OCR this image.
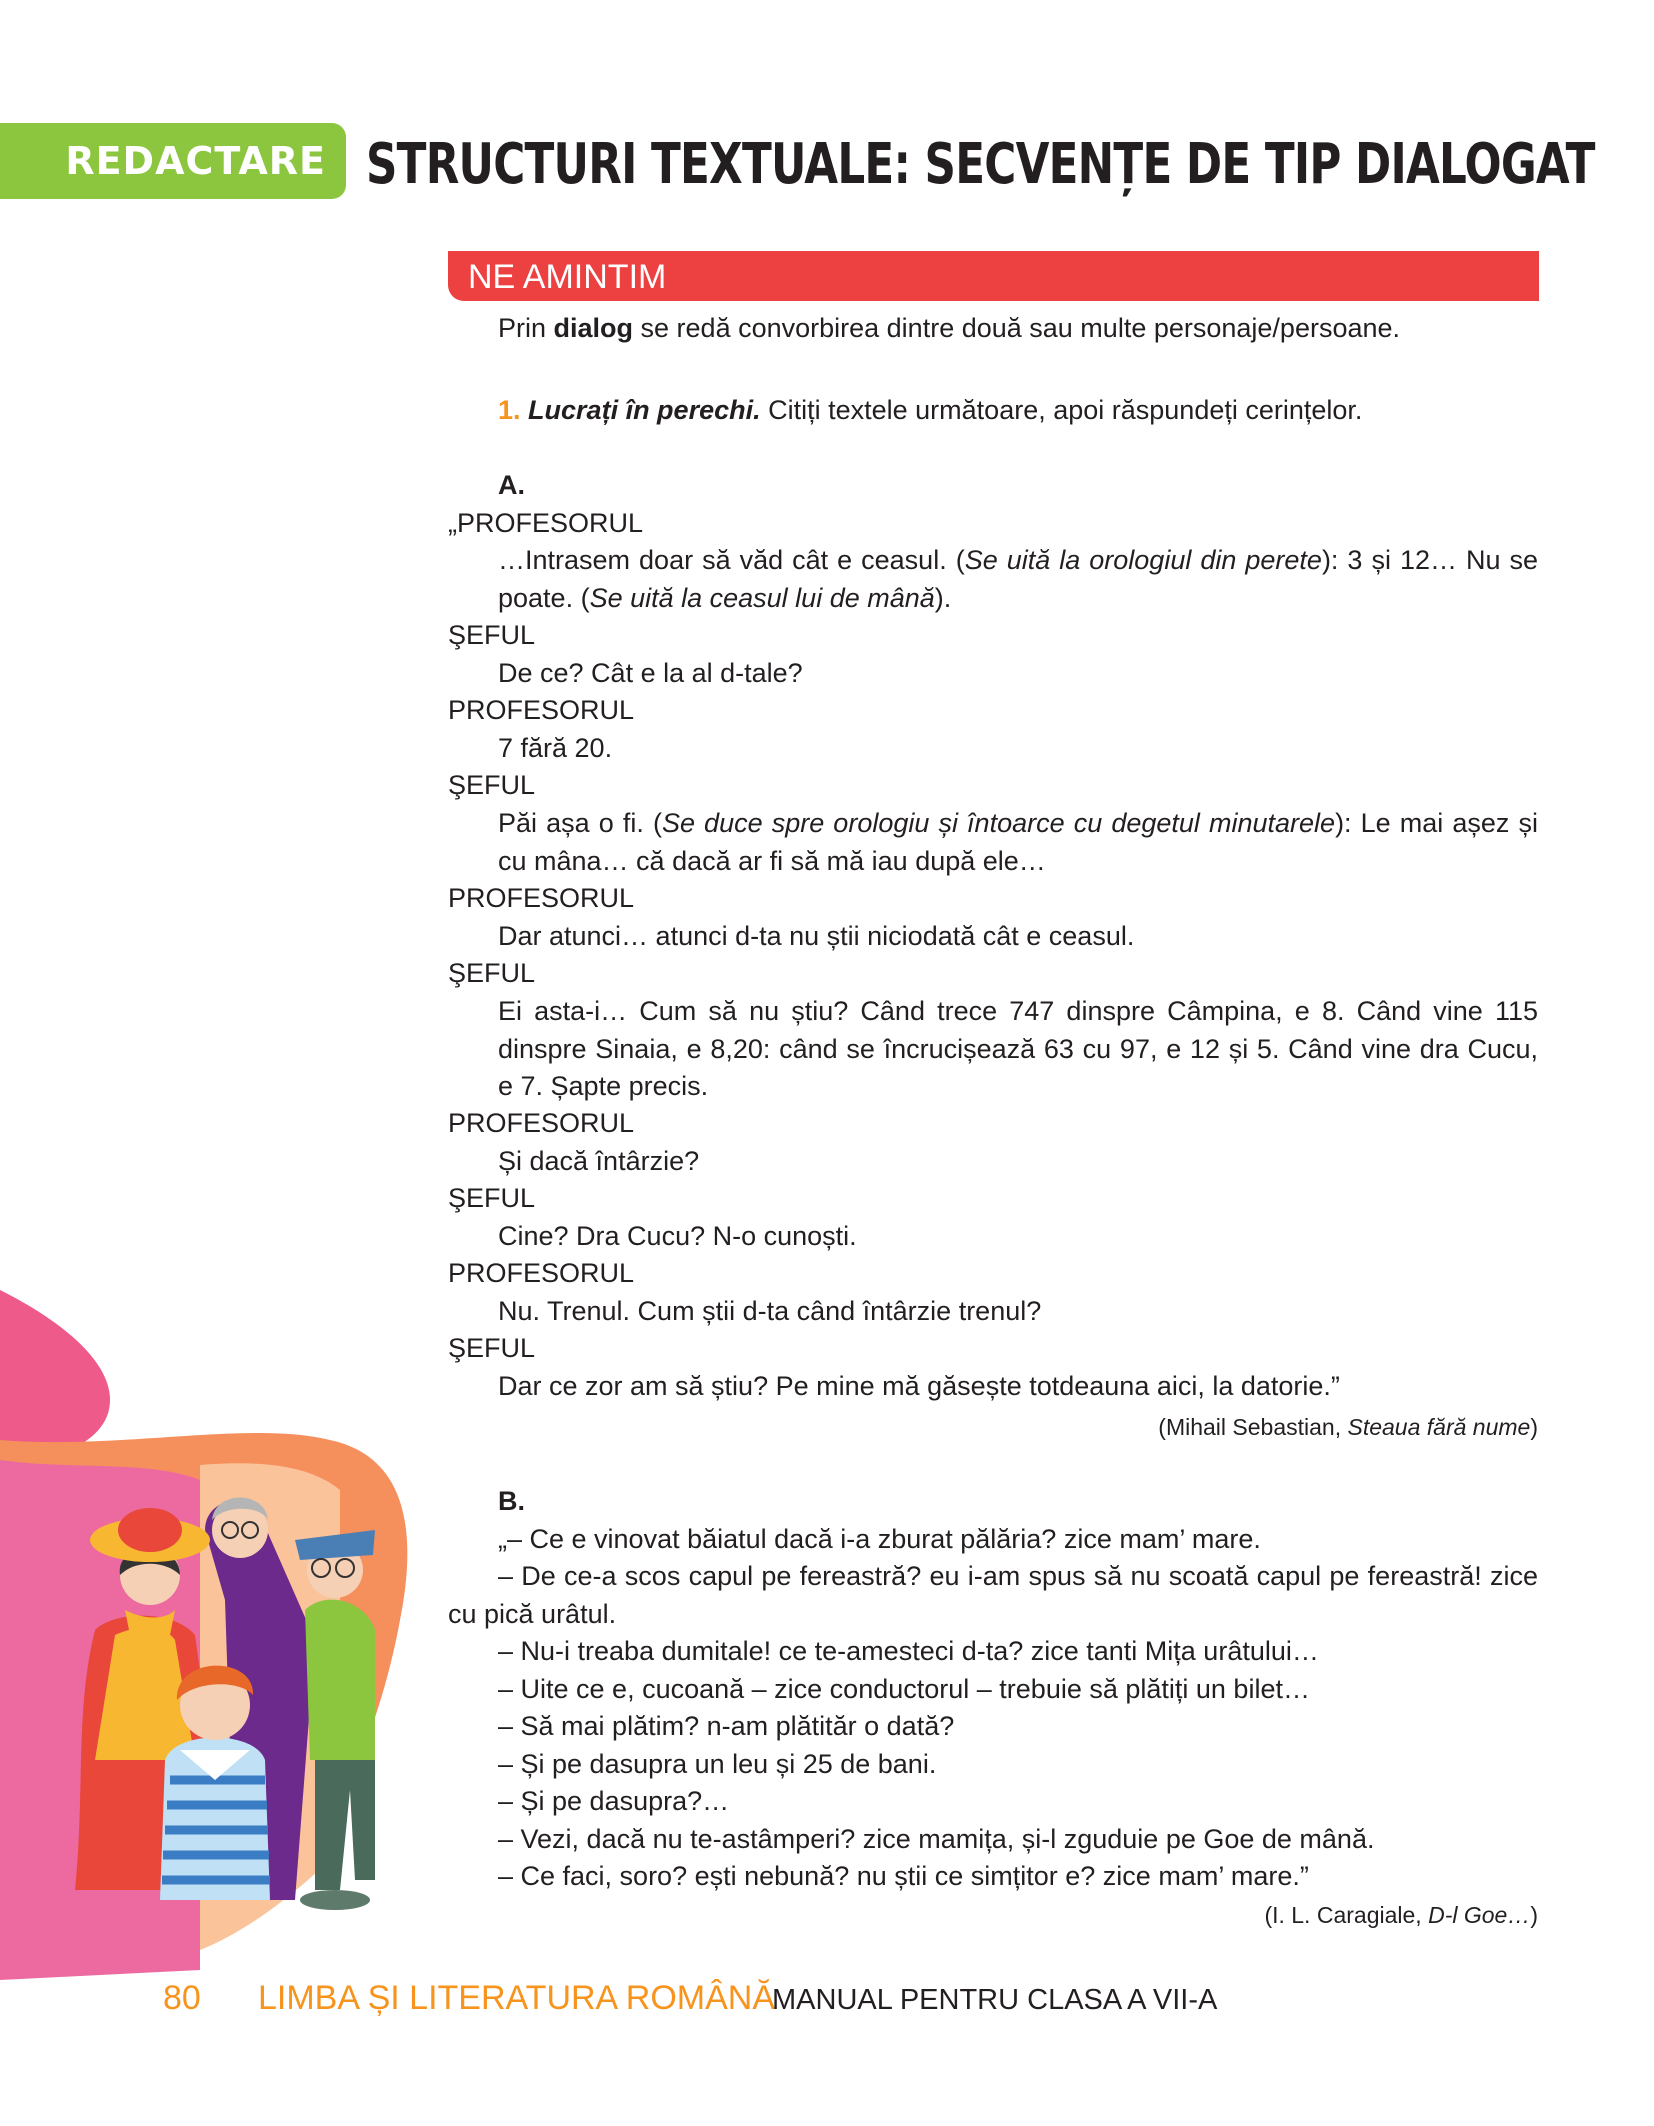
REDACTARE STRUCTURI TEXTUALE: SECVENȚE DE TIP DIALOGAT
NE AMINTIM
Prin dialog se redă convorbirea dintre două sau multe personaje/persoane.
1. Lucrați în perechi. Citiți textele următoare, apoi răspundeți cerințelor.
A.
„PROFESORUL
…Intrasem doar să văd cât e ceasul. (Se uită la orologiul din perete): 3 și 12… Nu se poate. (Se uită la ceasul lui de mână).
ŞEFUL
De ce? Cât e la al d-tale?
PROFESORUL
7 fără 20.
ŞEFUL
Păi așa o fi. (Se duce spre orologiu și întoarce cu degetul minutarele): Le mai așez și cu mâna… că dacă ar fi să mă iau după ele…
PROFESORUL
Dar atunci… atunci d-ta nu știi niciodată cât e ceasul.
ŞEFUL
Ei asta-i… Cum să nu știu? Când trece 747 dinspre Câmpina, e 8. Când vine 115 dinspre Sinaia, e 8,20: când se încrucișează 63 cu 97, e 12 și 5. Când vine dra Cucu, e 7. Șapte precis.
PROFESORUL
Și dacă întârzie?
ŞEFUL
Cine? Dra Cucu? N-o cunoști.
PROFESORUL
Nu. Trenul. Cum știi d-ta când întârzie trenul?
ŞEFUL
Dar ce zor am să știu? Pe mine mă găsește totdeauna aici, la datorie.”
(Mihail Sebastian, Steaua fără nume)
B.
„– Ce e vinovat băiatul dacă i-a zburat pălăria? zice mam’ mare.
– De ce-a scos capul pe fereastră? eu i-am spus să nu scoată capul pe fereastră! zice cu pică urâtul.
– Nu-i treaba dumitale! ce te-amesteci d-ta? zice tanti Mița urâtului…
– Uite ce e, cucoană – zice conductorul – trebuie să plătiți un bilet…
– Să mai plătim? n-am plătităr o dată?
– Și pe dasupra un leu și 25 de bani.
– Și pe dasupra?…
– Vezi, dacă nu te-astâmperi? zice mamița, și-l zguduie pe Goe de mână.
– Ce faci, soro? ești nebună? nu știi ce simțitor e? zice mam’ mare.”
(I. L. Caragiale, D-l Goe…)
80 LIMBA ȘI LITERATURA ROMÂNĂ
MANUAL PENTRU CLASA A VII-A
